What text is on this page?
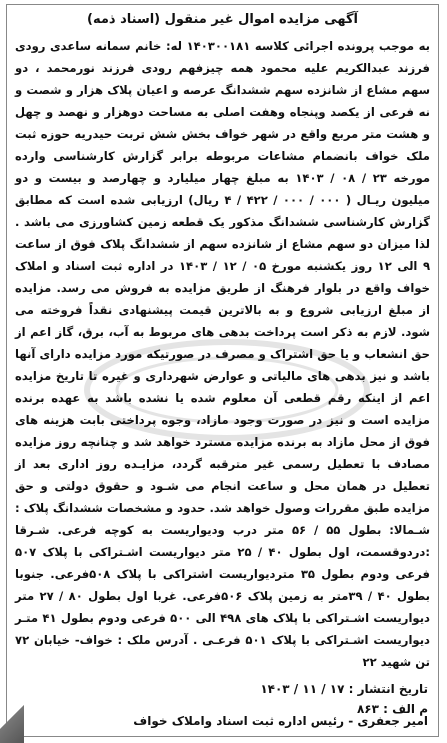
آگهی مزایده اموال غیر منقول (اسناد ذمه)

به موجب پرونده اجرائی کلاسه ۱۴۰۳۰۰۱۸۱ له: خانم سمانه ساعدی رودی فرزند عبدالکریم علیه محمود همه چیزفهم رودی فرزند نورمحمد ، دو سهم مشاع از شانزده سهم ششدانگ عرصه و اعیان پلاک هزار و شصت و نه فرعی از یکصد وپنجاه وهفت اصلی به مساحت دوهزار و نهصد و چهل و هشت متر مربع واقع در شهر خواف بخش شش تربت حیدریه حوزه ثبت ملک خواف بانضمام مشاعات مربوطه برابر گزارش کارشناسی وارده مورخه ۲۳ / ۰۸ / ۱۴۰۳ به مبلغ چهار میلیارد و چهارصد و بیست و دو میلیون ریـال ( ۰۰۰ / ۰۰۰ / ۴۲۲ / ۴ ریال) ارزیابی شده است که مطابق گزارش کارشناسی ششدانگ مذکور یک قطعه زمین کشاورزی می باشد . لذا میزان دو سهم مشاع از شانزده سهم از ششدانگ پلاک فوق از ساعت ۹ الی ۱۲ روز یکشنبه مورخ ۰۵ / ۱۲ / ۱۴۰۳ در اداره ثبت اسناد و املاک خواف واقع در بلوار فرهنگ از طریق مزایده به فروش می رسد. مزایده از مبلغ ارزیابی شروع و به بالاترین قیمت پیشنهادی نقداً فروخته می شود. لازم به ذکر است پرداخت بدهی های مربوط به آب، برق، گاز اعم از حق انشعاب و یا حق اشتراک و مصرف در صورتیکه مورد مزایده دارای آنها باشد و نیز بدهی های مالیاتی و عوارض شهرداری و غیره تا تاریخ مزایده اعم از اینکه رقم قطعی آن معلوم شده یا نشده باشد به عهده برنده مزایده است و نیز در صورت وجود مازاد، وجوه پرداختی بابت هزینه های فوق از محل مازاد به برنده مزایده مسترد خواهد شد و چنانچه روز مزایده مصادف با تعطیل رسمی غیر مترقبه گردد، مزایـده روز اداری بعد از تعطیل در همان محل و ساعت انجام می شـود و حقوق دولتی و حق مزایده طبق مقررات وصول خواهد شد. حدود و مشخصات ششدانگ پلاک : شـمالا: بطول ۵۵ / ۵۶ متر درب ودیواریست به کوچه فرعی. شـرقا :دردوقسمت، اول بطول ۴۰ / ۲۵ متر دیواریست اشـتراکی با پلاک ۵۰۷ فرعی ودوم بطول ۳۵ متردیواریست اشتراکی با پلاک ۵۰۸فرعی. جنوبا بطول ۴۰ / ۳۹متر به زمین پلاک ۵۰۶فرعی. غربا اول بطول ۸۰ / ۲۷ متر دیواریست اشـتراکی با پلاک های ۴۹۸ الی ۵۰۰ فرعی ودوم بطول ۴۱ متـر دیواریست اشـتراکی با پلاک ۵۰۱ فرعـی . آدرس ملک : خواف- خیابان ۷۲ تن شهید ۲۲

تاریخ انتشار : ۱۷ / ۱۱ / ۱۴۰۳
امیر جعفری - رئیس اداره ثبت اسناد واملاک خواف
م الف : ۸۶۳
